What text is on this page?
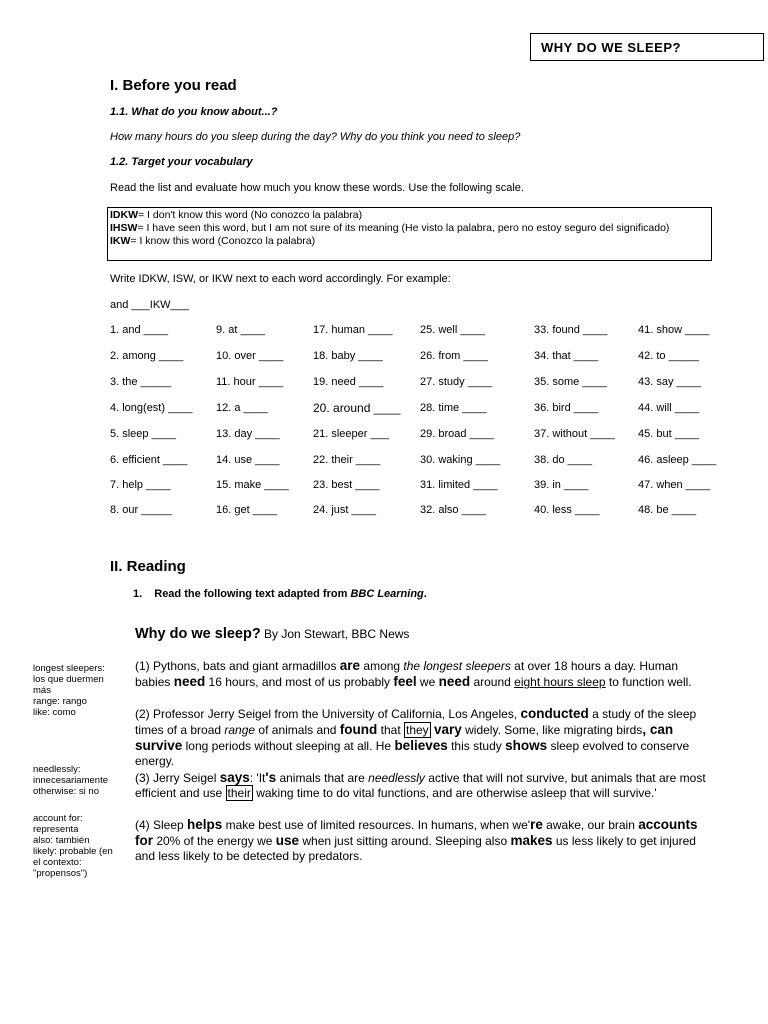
WHY DO WE SLEEP?
I. Before you read
1.1. What do you know about...?
How many hours do you sleep during the day? Why do you think you need to sleep?
1.2. Target your vocabulary
Read the list and evaluate how much you know these words. Use the following scale.
IDKW= I don't know this word (No conozco la palabra)
IHSW= I have seen this word, but I am not sure of its meaning (He visto la palabra, pero no estoy seguro del significado)
IKW= I know this word (Conozco la palabra)
Write IDKW, ISW, or IKW next to each word accordingly. For example:
and ___IKW___
1. and ____
2. among ____
3. the _____
4. long(est) ____
5. sleep ____
6. efficient ____
7. help ____
8. our _____
9. at ____
10. over ____
11. hour ____
12. a ____
13. day ____
14. use ____
15. make ____
16. get ____
17. human ____
18. baby ____
19. need ____
20. around ____
21. sleeper ___
22. their ____
23. best ____
24. just ____
25. well ____
26. from ____
27. study ____
28. time ____
29. broad ____
30. waking ____
31. limited ____
32. also ____
33. found ____
34. that ____
35. some ____
36. bird ____
37. without ____
38. do ____
39. in ____
40. less ____
41. show ____
42. to _____
43. say ____
44. will ____
45. but ____
46. asleep ____
47. when ____
48. be ____
II. Reading
1. Read the following text adapted from BBC Learning.
Why do we sleep? By Jon Stewart, BBC News
longest sleepers:
los que duermen
más
range: rango
like: como
needlessly:
innecesariamente
otherwise: si no
account for:
representa
also: también
likely: probable (en
el contexto:
"propensos")
(1) Pythons, bats and giant armadillos are among the longest sleepers at over 18 hours a day. Human babies need 16 hours, and most of us probably feel we need around eight hours sleep to function well.
(2) Professor Jerry Seigel from the University of California, Los Angeles, conducted a study of the sleep times of a broad range of animals and found that they vary widely. Some, like migrating birds, can survive long periods without sleeping at all. He believes this study shows sleep evolved to conserve energy.
(3) Jerry Seigel says: 'It's animals that are needlessly active that will not survive, but animals that are most efficient and use their waking time to do vital functions, and are otherwise asleep that will survive.'
(4) Sleep helps make best use of limited resources. In humans, when we're awake, our brain accounts for 20% of the energy we use when just sitting around. Sleeping also makes us less likely to get injured and less likely to be detected by predators.
